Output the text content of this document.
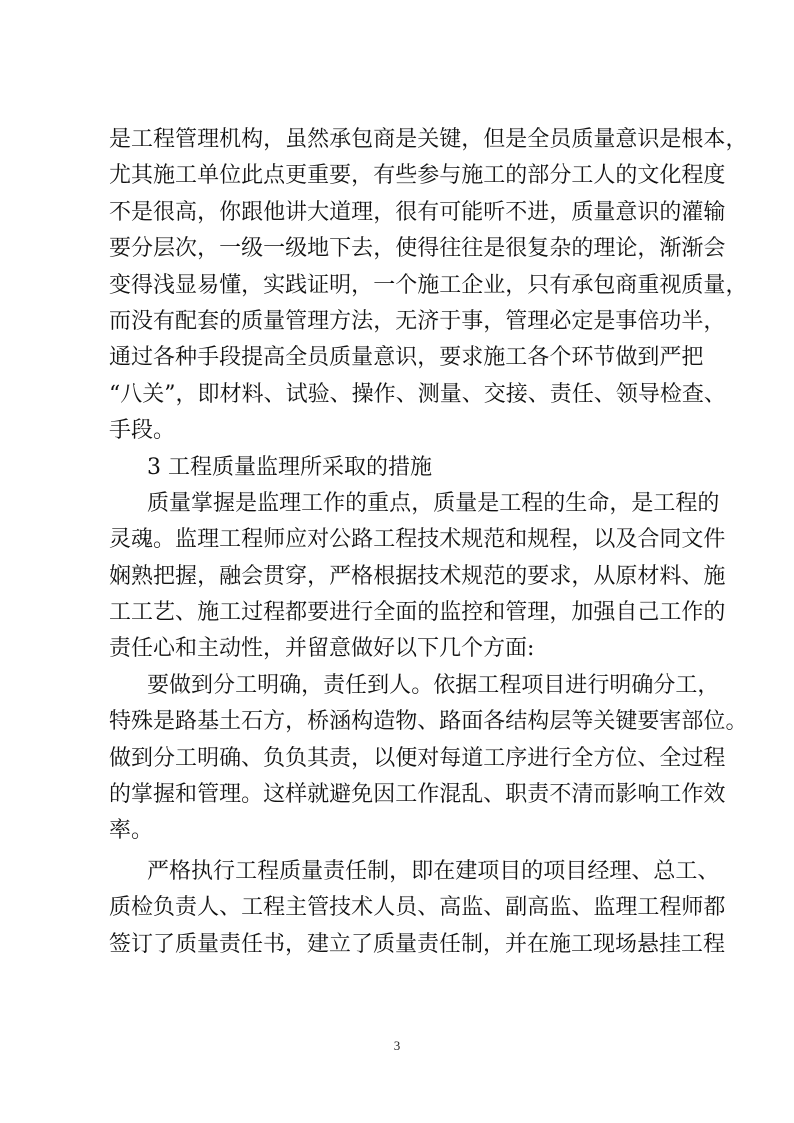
是 工 程 管 理 机 构 ， 虽 然 承 包 商 是 关 键 ， 但 是 全 员 质 量 意 识 是 根 本 ，
尤 其 施 工 单 位 此 点 更 重 要 ， 有 些 参 与 施 工 的 部 分 工 人 的 文 化 程 度
不 是 很 高 ， 你 跟 他 讲 大 道 理 ， 很 有 可 能 听 不 进 ， 质 量 意 识 的 灌 输
要 分 层 次 ， 一 级 一 级 地 下 去 ， 使 得 往 往 是 很 复 杂 的 理 论 ， 渐 渐 会
变 得 浅 显 易 懂 ， 实 践 证 明 ， 一 个 施 工 企 业 ， 只 有 承 包 商 重 视 质 量 ，
而 没 有 配 套 的 质 量 管 理 方 法 ， 无 济 于 事 ， 管 理 必 定 是 事 倍 功 半 ，
通 过 各 种 手 段 提 高 全 员 质 量 意 识 ， 要 求 施 工 各 个 环 节 做 到 严 把
“ 八 关 ” ， 即 材 料 、 试 验 、 操 作 、 测 量 、 交 接 、 责 任 、 领 导 检 查 、
手段。
3 工程质量监理所采取的措施
质 量 掌 握 是 监 理 工 作 的 重 点 ， 质 量 是 工 程 的 生 命 ， 是 工 程 的
灵 魂 。 监 理 工 程 师 应 对 公 路 工 程 技 术 规 范 和 规 程 ， 以 及 合 同 文 件
娴 熟 把 握 ， 融 会 贯 穿 ， 严 格 根 据 技 术 规 范 的 要 求 ， 从 原 材 料 、 施
工 工 艺 、 施 工 过 程 都 要 进 行 全 面 的 监 控 和 管 理 ， 加 强 自 己 工 作 的
责任心和主动性，并留意做好以下几个方面:
要 做 到 分 工 明 确 ， 责 任 到 人 。 依 据 工 程 项 目 进 行 明 确 分 工 ，
特 殊 是 路 基 土 石 方 ， 桥 涵 构 造 物 、 路 面 各 结 构 层 等 关 键 要 害 部 位 。
做 到 分 工 明 确 、 负 负 其 责 ， 以 便 对 每 道 工 序 进 行 全 方 位 、 全 过 程
的 掌 握 和 管 理 。 这 样 就 避 免 因 工 作 混 乱 、 职 责 不 清 而 影 响 工 作 效
率。
严 格 执 行 工 程 质 量 责 任 制 ， 即 在 建 项 目 的 项 目 经 理 、 总 工 、
质 检 负 责 人 、 工 程 主 管 技 术 人 员 、 高 监 、 副 高 监 、 监 理 工 程 师 都
签订了质量责任书，建立了质量责任制，并在施工现场悬挂工程
3
